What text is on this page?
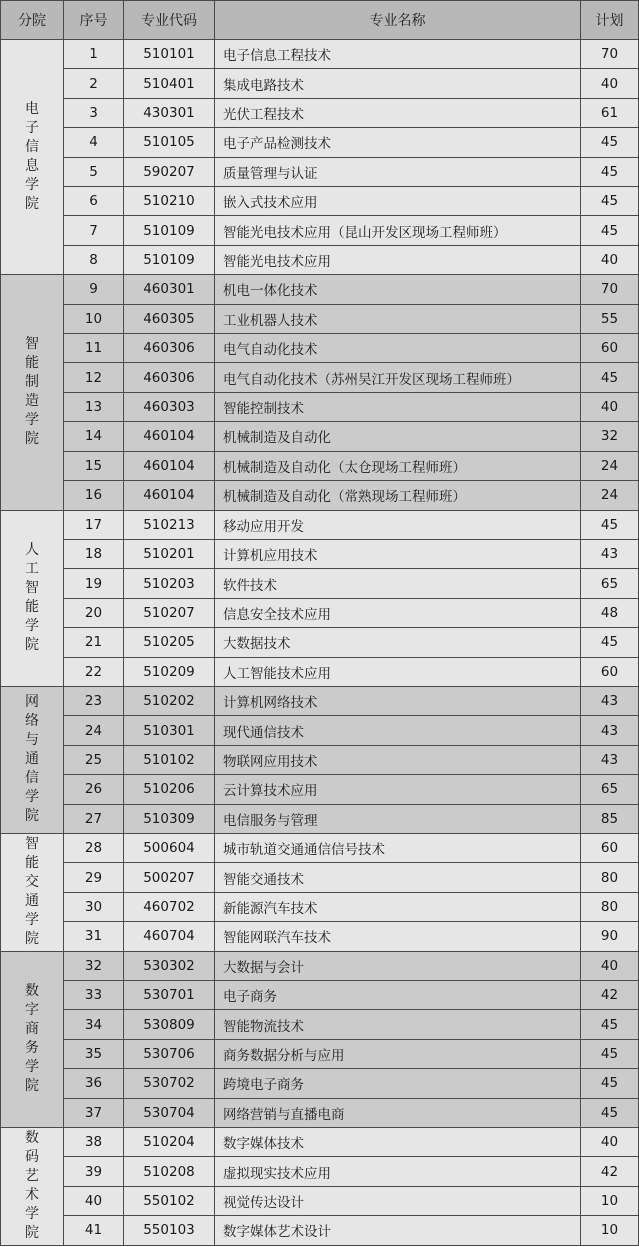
分院	序号	专业代码	专业名称	计划
电子信息学院	1	510101	电子信息工程技术	70
	2	510401	集成电路技术	40
	3	430301	光伏工程技术	61
	4	510105	电子产品检测技术	45
	5	590207	质量管理与认证	45
	6	510210	嵌入式技术应用	45
	7	510109	智能光电技术应用（昆山开发区现场工程师班）	45
	8	510109	智能光电技术应用	40
智能制造学院	9	460301	机电一体化技术	70
	10	460305	工业机器人技术	55
	11	460306	电气自动化技术	60
	12	460306	电气自动化技术（苏州吴江开发区现场工程师班）	45
	13	460303	智能控制技术	40
	14	460104	机械制造及自动化	32
	15	460104	机械制造及自动化（太仓现场工程师班）	24
	16	460104	机械制造及自动化（常熟现场工程师班）	24
人工智能学院	17	510213	移动应用开发	45
	18	510201	计算机应用技术	43
	19	510203	软件技术	65
	20	510207	信息安全技术应用	48
	21	510205	大数据技术	45
	22	510209	人工智能技术应用	60
网络与通信学院	23	510202	计算机网络技术	43
	24	510301	现代通信技术	43
	25	510102	物联网应用技术	43
	26	510206	云计算技术应用	65
	27	510309	电信服务与管理	85
智能交通学院	28	500604	城市轨道交通通信信号技术	60
	29	500207	智能交通技术	80
	30	460702	新能源汽车技术	80
	31	460704	智能网联汽车技术	90
数字商务学院	32	530302	大数据与会计	40
	33	530701	电子商务	42
	34	530809	智能物流技术	45
	35	530706	商务数据分析与应用	45
	36	530702	跨境电子商务	45
	37	530704	网络营销与直播电商	45
数码艺术学院	38	510204	数字媒体技术	40
	39	510208	虚拟现实技术应用	42
	40	550102	视觉传达设计	10
	41	550103	数字媒体艺术设计	10
